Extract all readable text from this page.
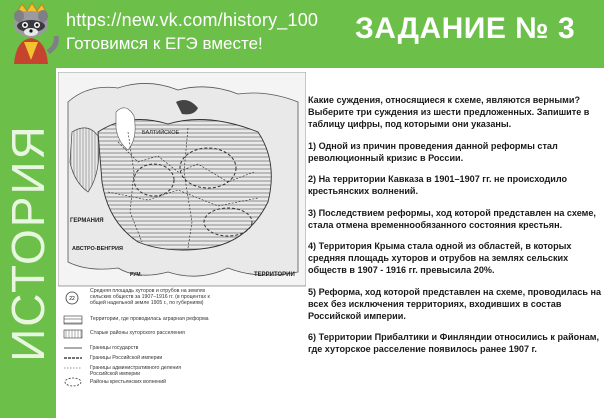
https://new.vk.com/history_100
Готовимся к ЕГЭ вместе!	ЗАДАНИЕ № 3
ИСТОРИЯ	БАЛТИЙСКОЕ
ГЕРМАНИЯ
АВСТРО-ВЕНГРИЯ
РУМ.	ТЕРРИТОРИИ
22
Средняя площадь хуторов и отрубов на землях сельских обществ за 1907–1916 гг. (в процентах к общей надельной земле 1905 г., по губерниям)
Территории, где проводилась аграрная реформа
Старые районы хуторского расселения
Границы государств
Границы Российской империи
Границы административного деления Российской империи
Районы крестьянских волнений

Какие суждения, относящиеся к схеме, являются верными? Выберите три суждения из шести предложенных. Запишите в таблицу цифры, под которыми они указаны.

1) Одной из причин проведения данной реформы стал революционный кризис в России.

2) На территории Кавказа в 1901–1907 гг. не происходило крестьянских волнений.

3) Последствием реформы, ход которой представлен на схеме, стала отмена временнообязанного состояния крестьян.

4) Территория Крыма стала одной из областей, в которых средняя площадь хуторов и отрубов на землях сельских обществ в 1907 - 1916 гг. превысила 20%.

5) Реформа, ход которой представлен на схеме, проводилась на всех без исключения территориях, входивших в состав Российской империи.

6) Территории Прибалтики и Финляндии относились к районам, где хуторское расселение появилось ранее 1907 г.
